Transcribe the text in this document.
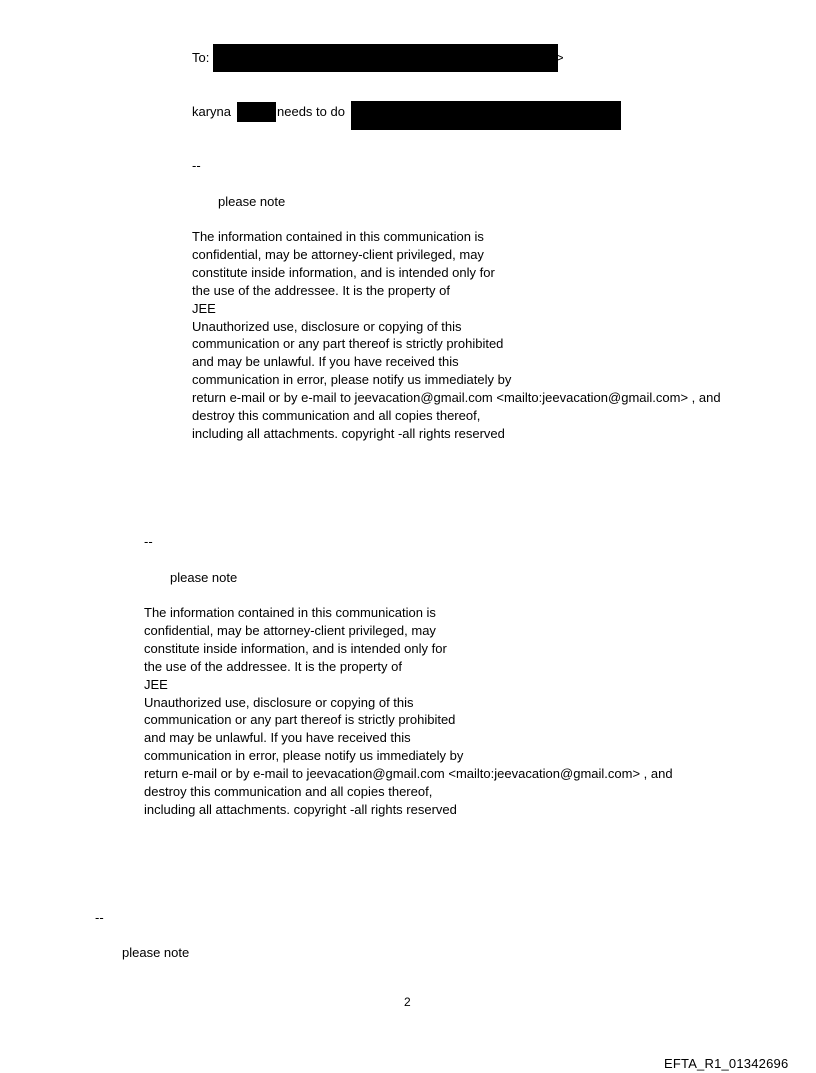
To:	>
karyna	needs to do
--
please note
The information contained in this communication is
confidential, may be attorney-client privileged, may
constitute inside information, and is intended only for
the use of the addressee. It is the property of
JEE
Unauthorized use, disclosure or copying of this
communication or any part thereof is strictly prohibited
and may be unlawful. If you have received this
communication in error, please notify us immediately by
return e-mail or by e-mail to jeevacation@gmail.com <mailto:jeevacation@gmail.com> , and
destroy this communication and all copies thereof,
including all attachments. copyright -all rights reserved
--
please note
The information contained in this communication is
confidential, may be attorney-client privileged, may
constitute inside information, and is intended only for
the use of the addressee. It is the property of
JEE
Unauthorized use, disclosure or copying of this
communication or any part thereof is strictly prohibited
and may be unlawful. If you have received this
communication in error, please notify us immediately by
return e-mail or by e-mail to jeevacation@gmail.com <mailto:jeevacation@gmail.com> , and
destroy this communication and all copies thereof,
including all attachments. copyright -all rights reserved
--
please note
2
EFTA_R1_01342696
